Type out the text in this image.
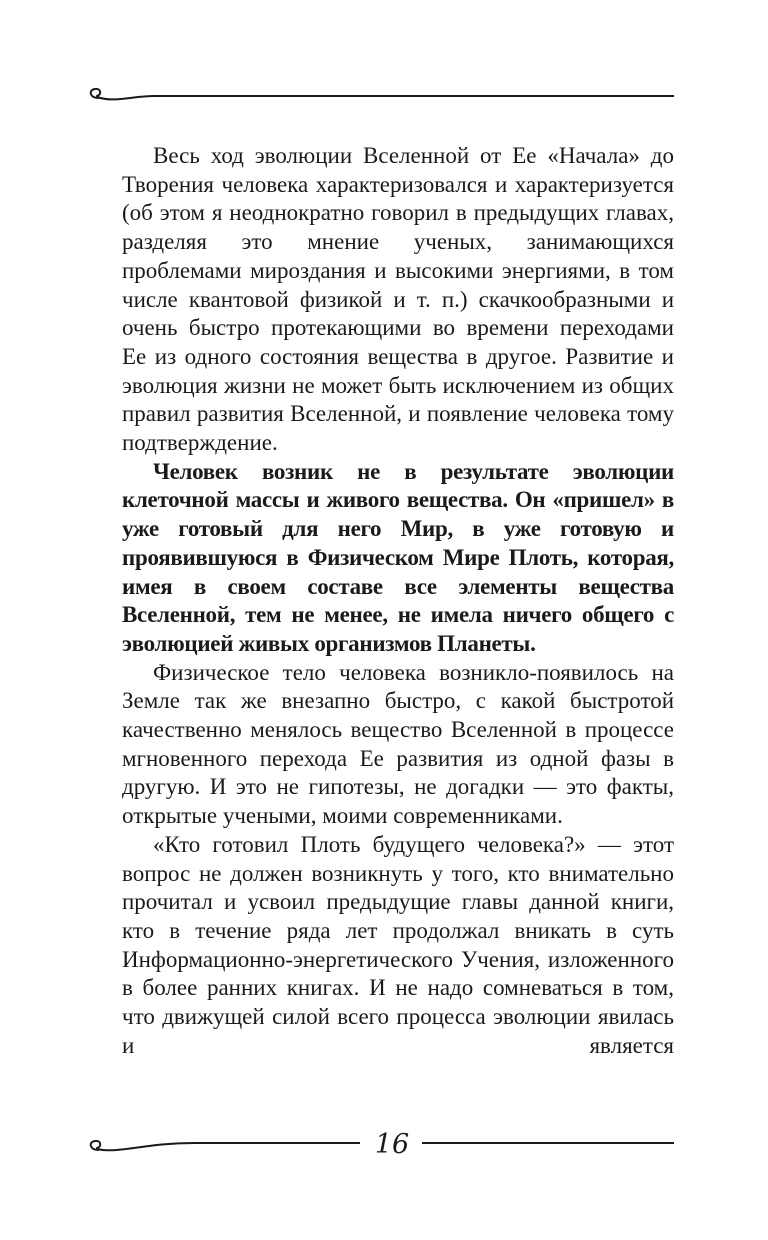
Весь ход эволюции Вселенной от Ее «Начала» до Творения человека характеризовался и характеризуется (об этом я неоднократно говорил в предыдущих главах, разделяя это мнение ученых, занимающихся проблемами мироздания и высокими энергиями, в том числе квантовой физикой и т. п.) скачкообразными и очень быстро протекающими во времени переходами Ее из одного состояния вещества в другое. Развитие и эволюция жизни не может быть исключением из общих правил развития Вселенной, и появление человека тому подтверждение.

Человек возник не в результате эволюции клеточной массы и живого вещества. Он «пришел» в уже готовый для него Мир, в уже готовую и проявившуюся в Физическом Мире Плоть, которая, имея в своем составе все элементы вещества Вселенной, тем не менее, не имела ничего общего с эволюцией живых организмов Планеты.

Физическое тело человека возникло-появилось на Земле так же внезапно быстро, с какой быстротой качественно менялось вещество Вселенной в процессе мгновенного перехода Ее развития из одной фазы в другую. И это не гипотезы, не догадки — это факты, открытые учеными, моими современниками.

«Кто готовил Плоть будущего человека?» — этот вопрос не должен возникнуть у того, кто внимательно прочитал и усвоил предыдущие главы данной книги, кто в течение ряда лет продолжал вникать в суть Информационно-энергетического Учения, изложенного в более ранних книгах. И не надо сомневаться в том, что движущей силой всего процесса эволюции явилась и является

16
